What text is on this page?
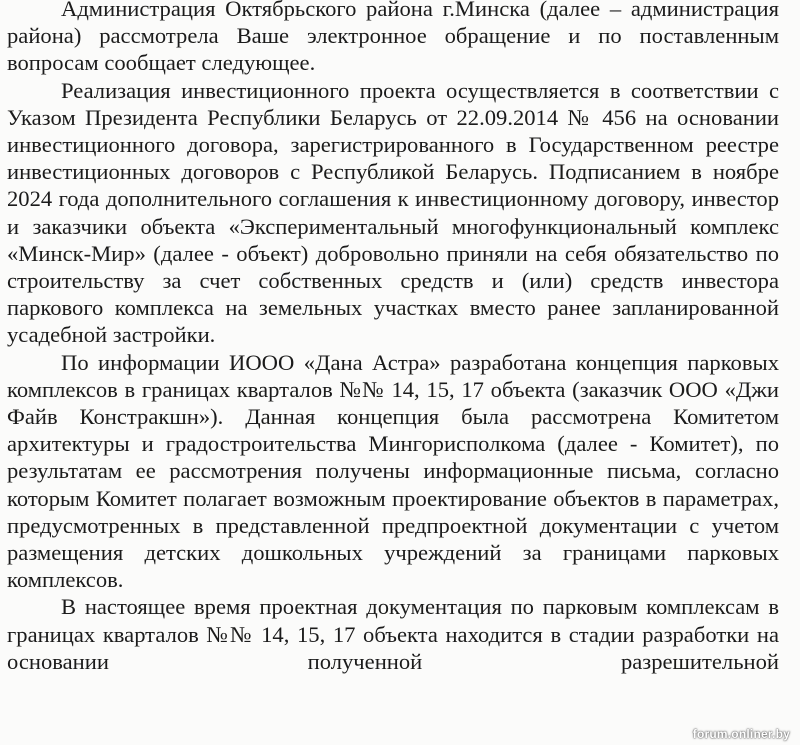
Администрация Октябрьского района г.Минска (далее – администрация района) рассмотрела Ваше электронное обращение и по поставленным вопросам сообщает следующее.

Реализация инвестиционного проекта осуществляется в соответствии с Указом Президента Республики Беларусь от 22.09.2014 № 456 на основании инвестиционного договора, зарегистрированного в Государственном реестре инвестиционных договоров с Республикой Беларусь. Подписанием в ноябре 2024 года дополнительного соглашения к инвестиционному договору, инвестор и заказчики объекта «Экспериментальный многофункциональный комплекс «Минск-Мир» (далее - объект) добровольно приняли на себя обязательство по строительству за счет собственных средств и (или) средств инвестора паркового комплекса на земельных участках вместо ранее запланированной усадебной застройки.

По информации ИООО «Дана Астра» разработана концепция парковых комплексов в границах кварталов №№ 14, 15, 17 объекта (заказчик ООО «Джи Файв Констракшн»). Данная концепция была рассмотрена Комитетом архитектуры и градостроительства Мингорисполкома (далее - Комитет), по результатам ее рассмотрения получены информационные письма, согласно которым Комитет полагает возможным проектирование объектов в параметрах, предусмотренных в представленной предпроектной документации с учетом размещения детских дошкольных учреждений за границами парковых комплексов.

В настоящее время проектная документация по парковым комплексам в границах кварталов №№ 14, 15, 17 объекта находится в стадии разработки на основании полученной разрешительной

forum.onliner.by
